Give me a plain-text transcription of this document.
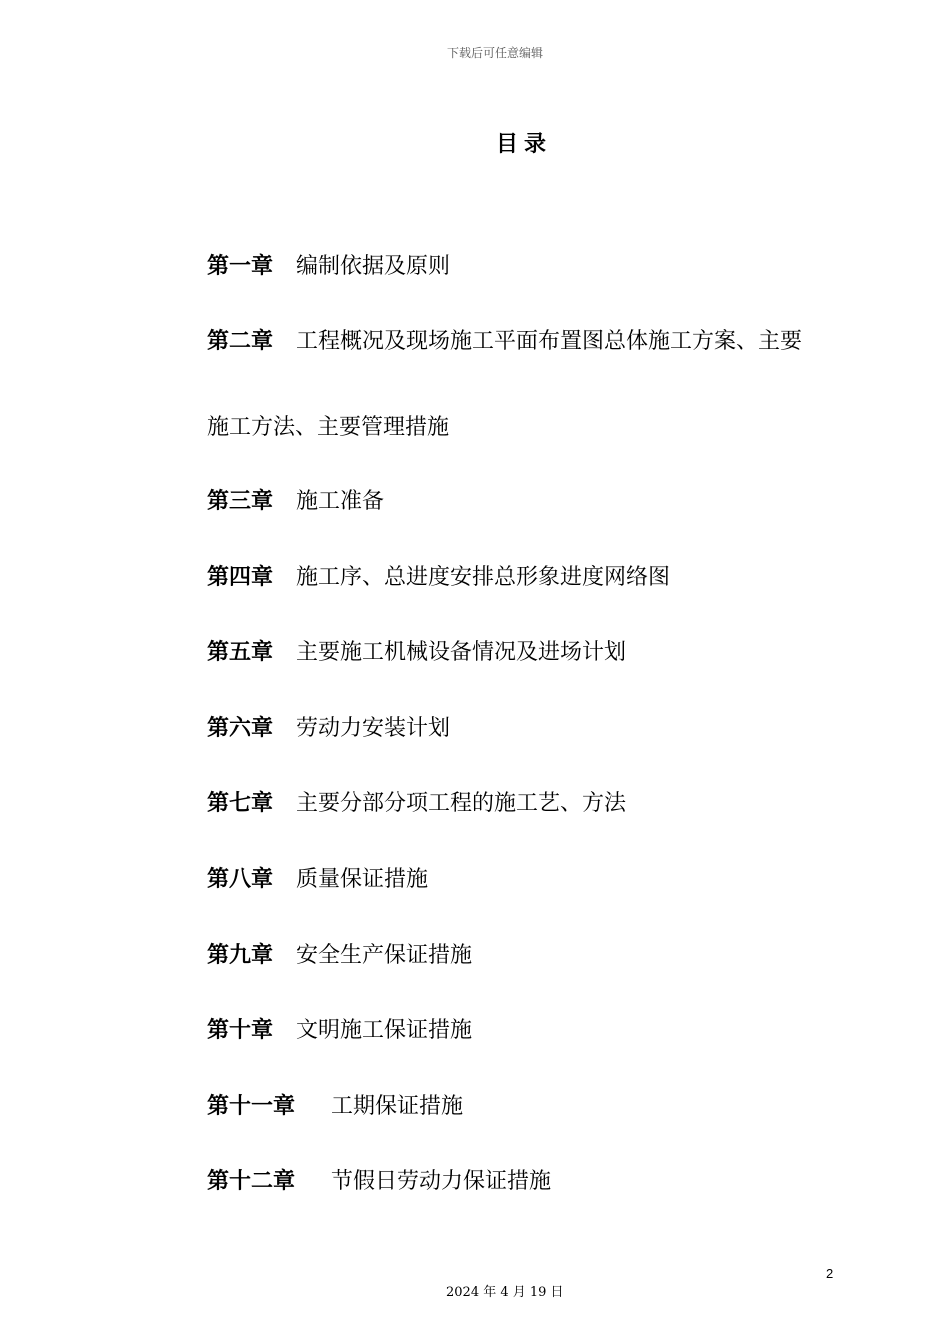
下载后可任意编辑
目录
第一章 编制依据及原则
第二章 工程概况及现场施工平面布置图总体施工方案、主要
施工方法、主要管理措施
第三章 施工准备
第四章 施工序、总进度安排总形象进度网络图
第五章 主要施工机械设备情况及进场计划
第六章 劳动力安装计划
第七章 主要分部分项工程的施工艺、方法
第八章 质量保证措施
第九章 安全生产保证措施
第十章 文明施工保证措施
第十一章 工期保证措施
第十二章 节假日劳动力保证措施
2
2024 年 4 月 19 日
